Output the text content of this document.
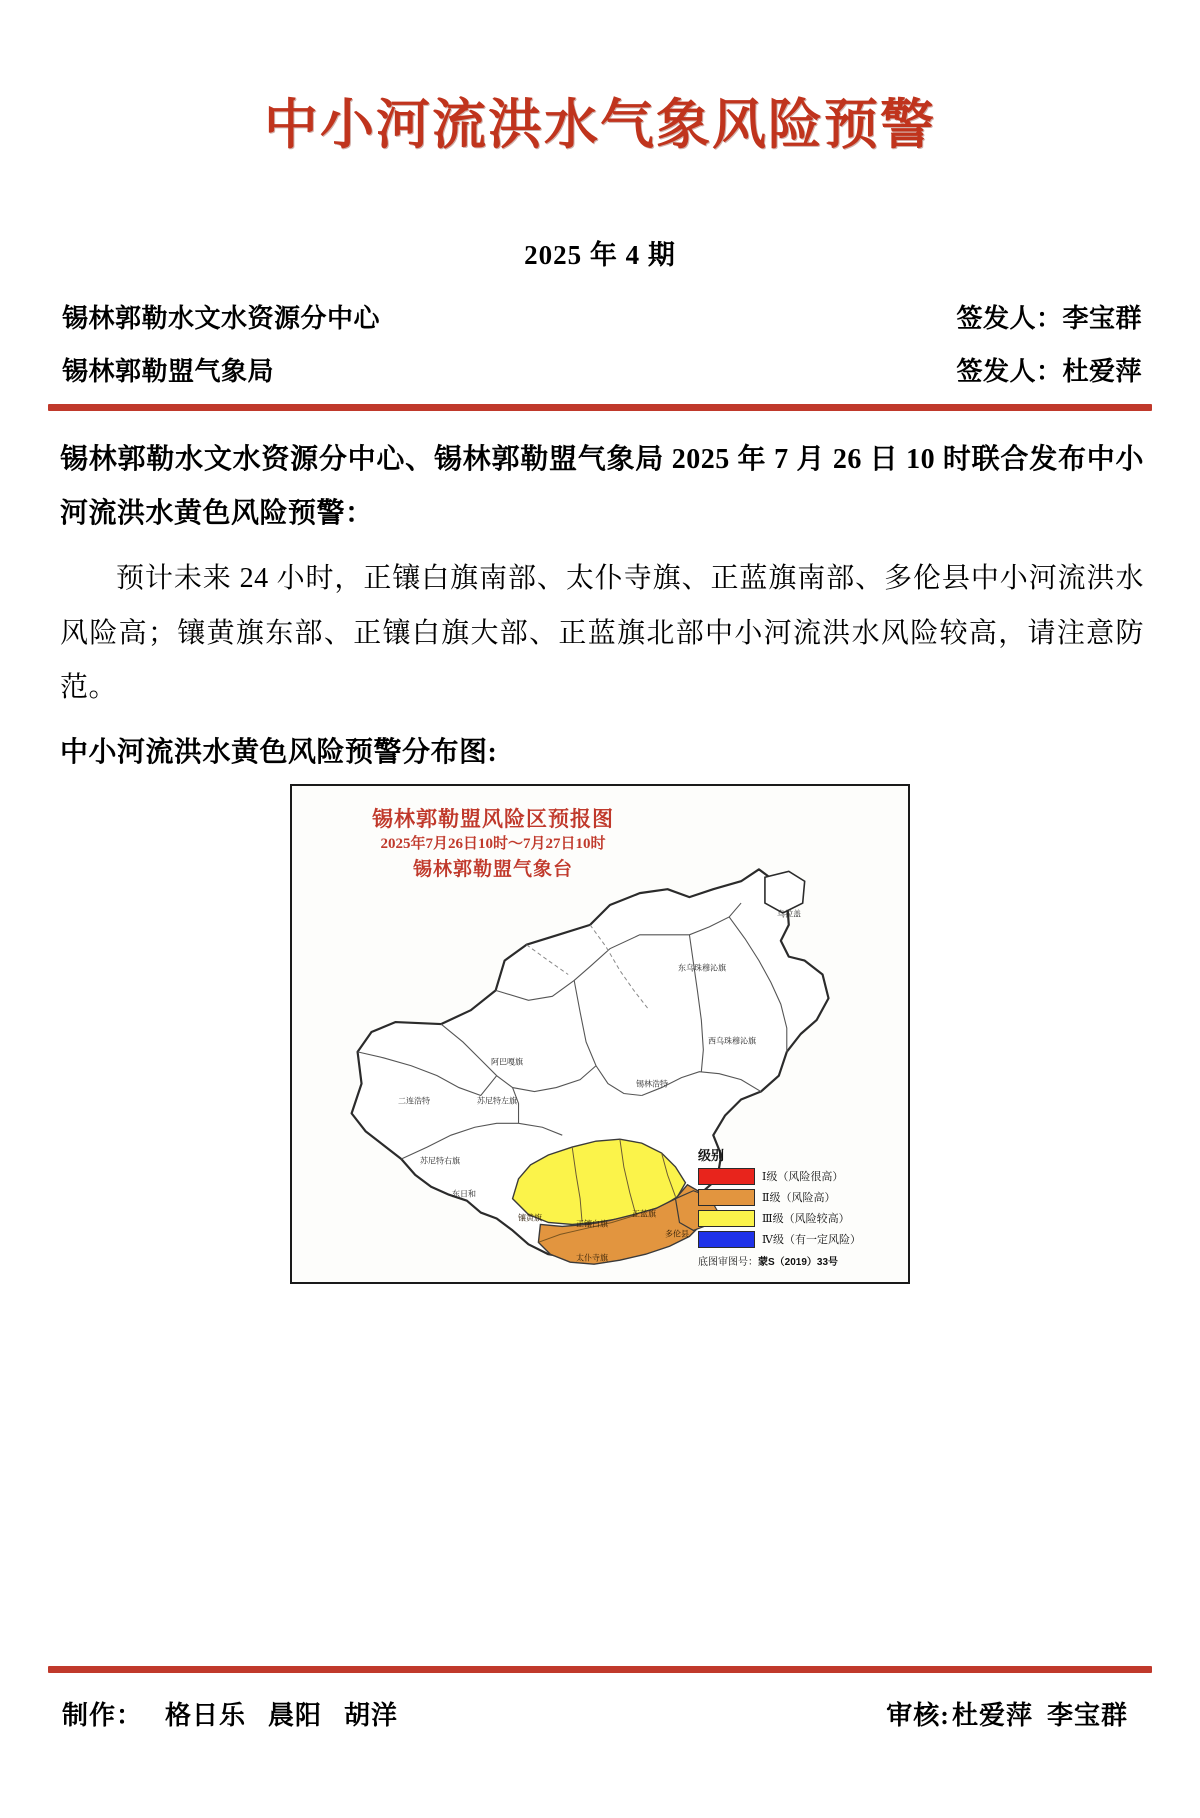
中小河流洪水气象风险预警
2025 年 4 期
锡林郭勒水文水资源分中心	签发人：李宝群
锡林郭勒盟气象局	签发人：杜爱萍

锡林郭勒水文水资源分中心、锡林郭勒盟气象局 2025 年 7 月 26 日 10 时联合发布中小河流洪水黄色风险预警：

预计未来 24 小时，正镶白旗南部、太仆寺旗、正蓝旗南部、多伦县中小河流洪水风险高；镶黄旗东部、正镶白旗大部、正蓝旗北部中小河流洪水风险较高，请注意防范。

中小河流洪水黄色风险预警分布图:
锡林郭勒盟风险区预报图
2025年7月26日10时～7月27日10时
锡林郭勒盟气象台
东乌珠穆沁旗
二连浩特
阿巴嘎旗
西乌珠穆沁旗
锡林浩特
苏尼特左旗
苏尼特右旗
东日和
镶黄旗
正镶白旗
正蓝旗
多伦县
太仆寺旗
乌拉盖
级别
Ⅰ级（风险很高）
Ⅱ级（风险高）
Ⅲ级（风险较高）
Ⅳ级（有一定风险）
底图审图号：蒙S（2019）33号
制作： 格日乐 晨阳 胡洋	审核:杜爱萍 李宝群
